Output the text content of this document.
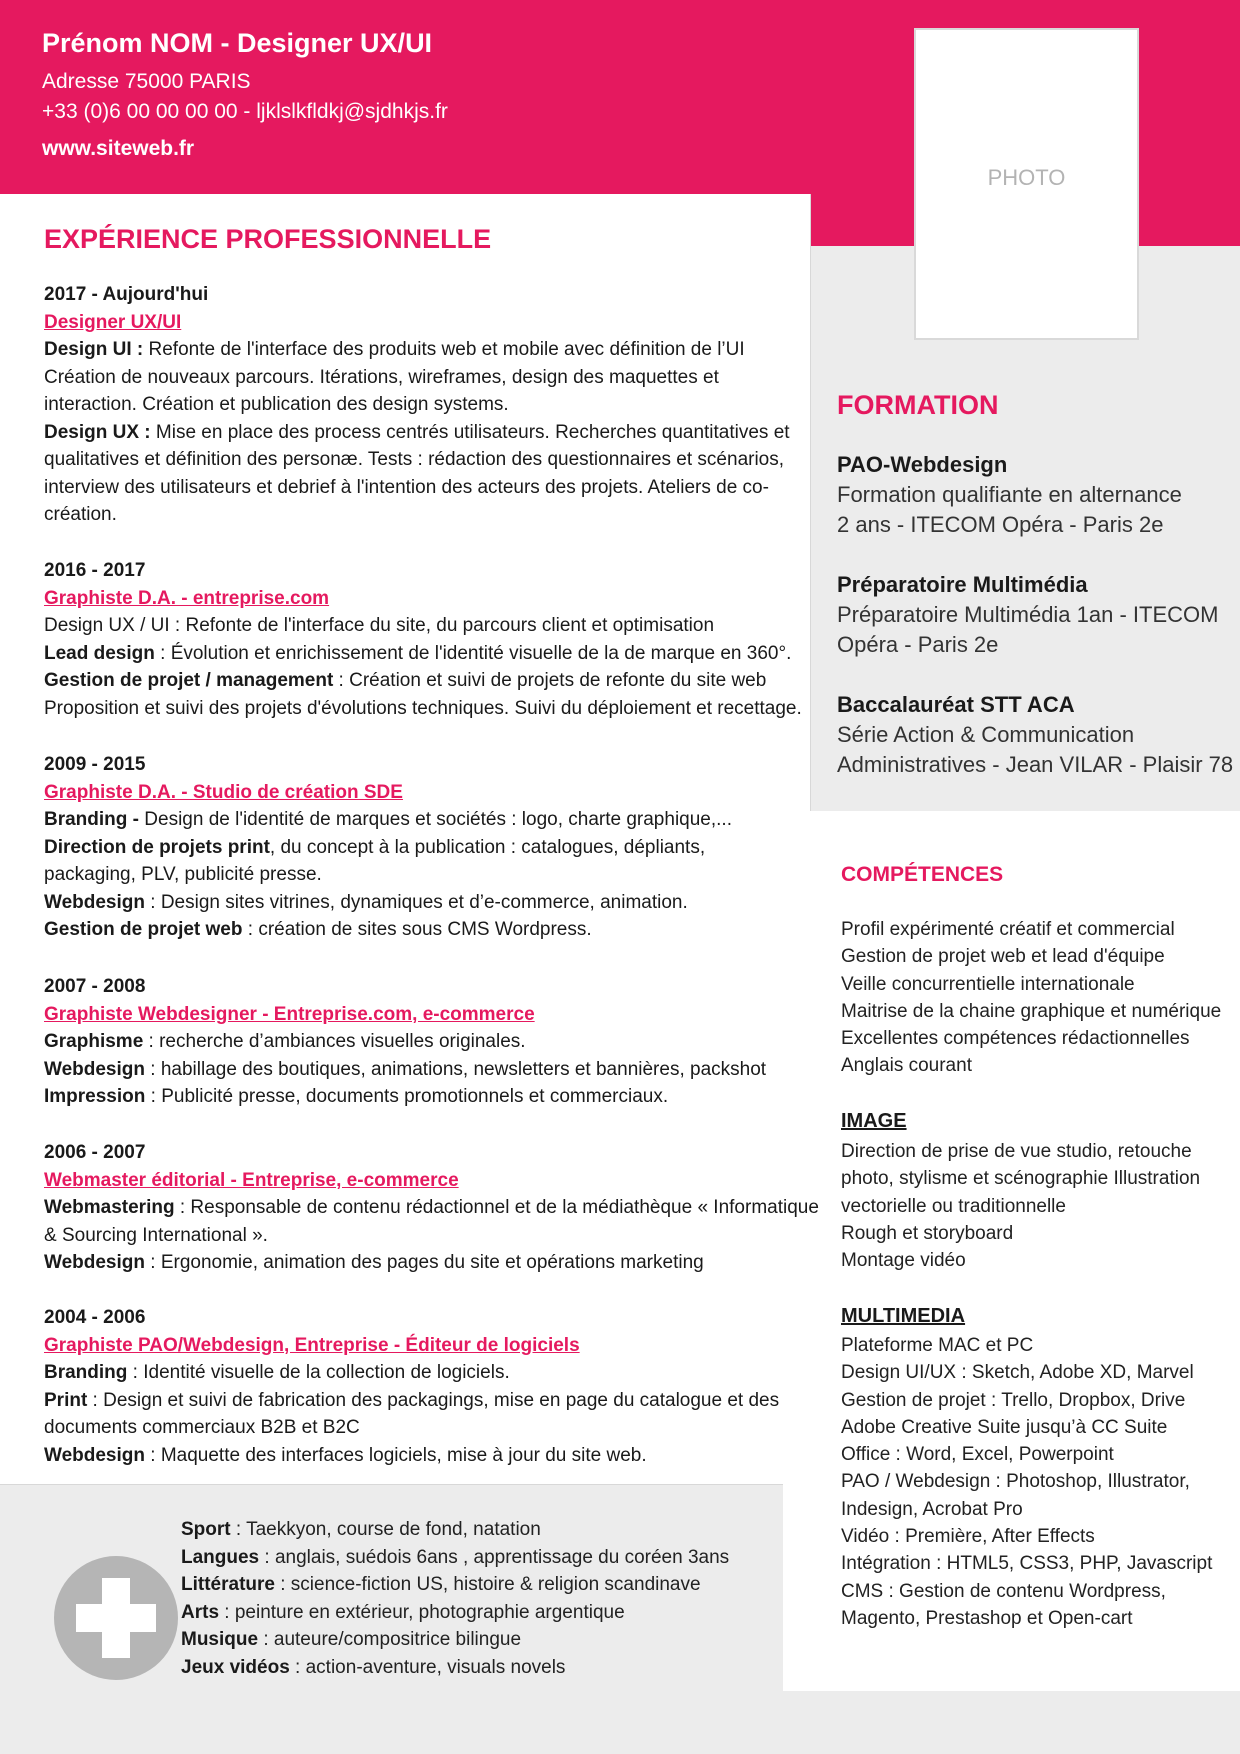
Prénom NOM - Designer UX/UI
Adresse 75000 PARIS
+33 (0)6 00 00 00 00 - ljklslkfldkj@sjdhkjs.fr
www.siteweb.fr
PHOTO
EXPÉRIENCE PROFESSIONNELLE
2017 - Aujourd'hui
Designer UX/UI
Design UI : Refonte de l'interface des produits web et mobile avec définition de l’UI
Création de nouveaux parcours. Itérations, wireframes, design des maquettes et
interaction. Création et publication des design systems.
Design UX : Mise en place des process centrés utilisateurs. Recherches quantitatives et
qualitatives et définition des personæ. Tests : rédaction des questionnaires et scénarios,
interview des utilisateurs et debrief à l'intention des acteurs des projets. Ateliers de co-
création.
2016 - 2017
Graphiste D.A. - entreprise.com
Design UX / UI : Refonte de l'interface du site, du parcours client et optimisation
Lead design : Évolution et enrichissement de l'identité visuelle de la de marque en 360°.
Gestion de projet / management : Création et suivi de projets de refonte du site web
Proposition et suivi des projets d'évolutions techniques. Suivi du déploiement et recettage.
2009 - 2015
Graphiste D.A. - Studio de création SDE
Branding - Design de l'identité de marques et sociétés : logo, charte graphique,...
Direction de projets print, du concept à la publication : catalogues, dépliants,
packaging, PLV, publicité presse.
Webdesign : Design sites vitrines, dynamiques et d’e-commerce, animation.
Gestion de projet web : création de sites sous CMS Wordpress.
2007 - 2008
Graphiste Webdesigner - Entreprise.com, e-commerce
Graphisme : recherche d’ambiances visuelles originales.
Webdesign : habillage des boutiques, animations, newsletters et bannières, packshot
Impression : Publicité presse, documents promotionnels et commerciaux.
2006 - 2007
Webmaster éditorial - Entreprise, e-commerce
Webmastering : Responsable de contenu rédactionnel et de la médiathèque « Informatique
& Sourcing International ».
Webdesign : Ergonomie, animation des pages du site et opérations marketing
2004 - 2006
Graphiste PAO/Webdesign, Entreprise - Éditeur de logiciels
Branding : Identité visuelle de la collection de logiciels.
Print : Design et suivi de fabrication des packagings, mise en page du catalogue et des
documents commerciaux B2B et B2C
Webdesign : Maquette des interfaces logiciels, mise à jour du site web.
FORMATION
PAO-Webdesign
Formation qualifiante en alternance
2 ans - ITECOM Opéra - Paris 2e
Préparatoire Multimédia
Préparatoire Multimédia 1an - ITECOM
Opéra - Paris 2e
Baccalauréat STT ACA
Série Action & Communication
Administratives - Jean VILAR - Plaisir 78
COMPÉTENCES
Profil expérimenté créatif et commercial
Gestion de projet web et lead d'équipe
Veille concurrentielle internationale
Maitrise de la chaine graphique et numérique
Excellentes compétences rédactionnelles
Anglais courant
IMAGE
Direction de prise de vue studio, retouche
photo, stylisme et scénographie Illustration
vectorielle ou traditionnelle
Rough et storyboard
Montage vidéo
MULTIMEDIA
Plateforme MAC et PC
Design UI/UX : Sketch, Adobe XD, Marvel
Gestion de projet : Trello, Dropbox, Drive
Adobe Creative Suite jusqu’à CC Suite
Office : Word, Excel, Powerpoint
PAO / Webdesign : Photoshop, Illustrator,
Indesign, Acrobat Pro
Vidéo : Première, After Effects
Intégration : HTML5, CSS3, PHP, Javascript
CMS : Gestion de contenu Wordpress,
Magento, Prestashop et Open-cart
Sport : Taekkyon, course de fond, natation
Langues : anglais, suédois 6ans , apprentissage du coréen 3ans
Littérature : science-fiction US, histoire & religion scandinave
Arts : peinture en extérieur, photographie argentique
Musique : auteure/compositrice bilingue
Jeux vidéos : action-aventure, visuals novels
